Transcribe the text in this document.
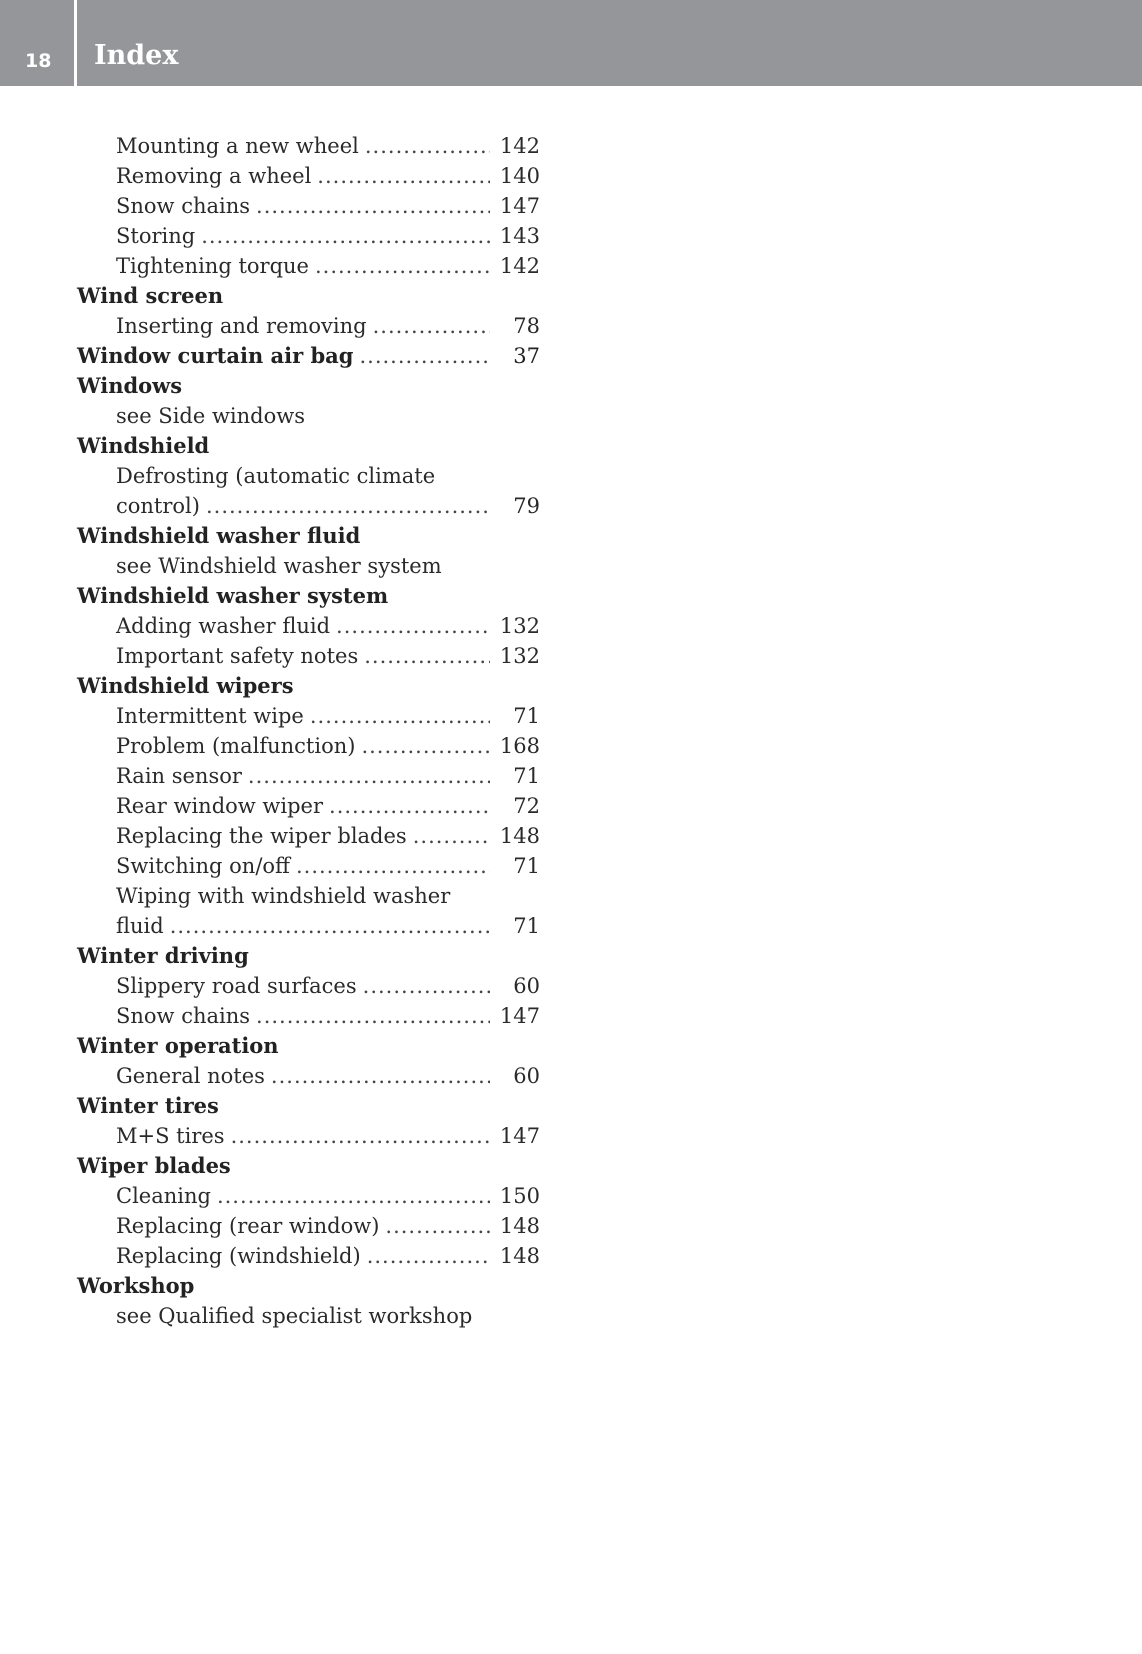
18 Index
Mounting a new wheel .....	142
Removing a wheel .....	140
Snow chains .....	147
Storing .....	143
Tightening torque .....	142
Wind screen
Inserting and removing .....	78
Window curtain air bag .....	37
Windows
see Side windows
Windshield
Defrosting (automatic climate
control) .....	79
Windshield washer fluid
see Windshield washer system
Windshield washer system
Adding washer fluid .....	132
Important safety notes .....	132
Windshield wipers
Intermittent wipe .....	71
Problem (malfunction) .....	168
Rain sensor .....	71
Rear window wiper .....	72
Replacing the wiper blades .....	148
Switching on/off .....	71
Wiping with windshield washer
fluid .....	71
Winter driving
Slippery road surfaces .....	60
Snow chains .....	147
Winter operation
General notes .....	60
Winter tires
M+S tires .....	147
Wiper blades
Cleaning .....	150
Replacing (rear window) .....	148
Replacing (windshield) .....	148
Workshop
see Qualified specialist workshop
